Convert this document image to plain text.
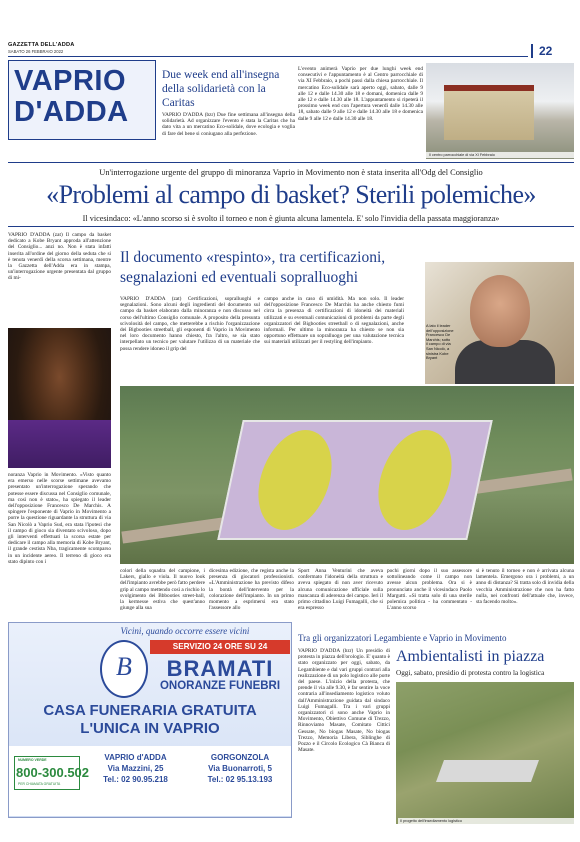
GAZZETTA DELL'ADDA
SABATO 26 FEBBRAIO 2022	22
VAPRIO
D'ADDA
Due week end all'insegna
della solidarietà con la Caritas
VAPRIO D'ADDA (bzr) Due fine settimana all'insegna della solidarietà. Ad organizzare l'evento è stata la Caritas che ha dato vita a un mercatino Eco-solidale, dove ecologia e voglia di fare del bene si coniugano alla perfezione.
L'evento animerà Vaprio per due lunghi week end consecutivi e l'appuntamento è al Centro parrocchiale di via XI Febbraio, a pochi passi dalla chiesa parrocchiale. Il mercatino Eco-solidale sarà aperto oggi, sabato, dalle 9 alle 12 e dalle 14.30 alle 18 e domani, domenica dalle 9 alle 12 e dalle 14.30 alle 18. L'appuntamento si ripeterà il prossimo week end con l'apertura venerdì dalle 14.30 alle 18, sabato dalle 9 alle 12 e dalle 14.30 alle 18 e domenica dalle 9 alle 12 e dalle 14.30 alle 18.
Il centro parrocchiale di via XI Febbraio
Un'interrogazione urgente del gruppo di minoranza Vaprio in Movimento non è stata inserita all'Odg del Consiglio
«Problemi al campo di basket? Sterili polemiche»
Il vicesindaco: «L'anno scorso si è svolto il torneo e non è giunta alcuna lamentela. E' solo l'invidia della passata maggioranza»
VAPRIO D'ADDA (zat) Il campo da basket dedicato a Kobe Bryant approda all'attenzione del Consiglio... anzi no. Non è stata infatti inserita all'ordine del giorno della seduta che si è tenuta venerdì della scorsa settimana, mentre la Gazzetta dell'Adda era in stampa, un'interrogazione urgente presentata dal gruppo di mi-
noranza Vaprio in Movimento. «Visto quanto era emerso nelle scorse settimane avevamo presentato un'interrogazione sperando che potesse essere discussa nel Consiglio comunale, ma così non è stato», ha spiegato il leader dell'opposizione Francesco De Marchis. A spingere l'esponente di Vaprio in Movimento a porre la questione riguardante la struttura di via San Nicolò a Vaprio Sud, era stata l'ipotesi che il campo di gioco sia diventato scivoloso, dopo gli interventi effettuati la scorsa estate per dedicare il campo alla memoria di Kobe Bryant, il grande cestista Nba, tragicamente scomparso in un incidente aereo. Il terreno di gioco era stato dipinto con i
Il documento «respinto», tra certificazioni,
segnalazioni ed eventuali sopralluoghi
VAPRIO D'ADDA (zat) Certificazioni, sopralluoghi e segnalazioni. Sono alcuni degli ingredienti del documento sul campo da basket elaborato dalla minoranza e non discusso nel corso dell'ultimo Consiglio comunale. A proposito della presunta scivolosità del campo, che metterebbe a rischio l'organizzazione dei Bigbooties streetball, gli esponenti di Vaprio in Movimento nel loro documento hanno chiesto, fra l'altro, se sia stato interpellato un tecnico per valutare l'utilizzo di un materiale che possa rendere idoneo il grip del
campo anche in caso di umidità. Ma non solo. Il leader dell'opposizione Francesco De Marchis ha anche chiesto fumi circa la presenza di certificazioni di idoneità dei materiali utilizzati e su eventuali comunicazioni di problemi da parte degli organizzatori del Bigbooties streetball o di segnalazioni, anche informali. Per ultimo la minoranza ha chiesto se non sia opportuno effettuare un sopralluogo per una valutazione tecnica sui materiali utilizzati per il restyling dell'impianto.
A lato il leader dell'opposizione Francesco De Marchis; sotto il campo di via San Nicolò, a sinistra Kobe Bryant
colori della squadra del campione, i Lakers, giallo e viola. Il nuovo look dell'impianto avrebbe però fatto perdere grip al campo mettendo così a rischio lo svolgimento dei Bbbooties street-ball, la kermesse estiva che quest'anno giunge alla sua
dicesima edizione, che regista anche la presenza di giocatori professionisti. «L'Amministrazione ha previsto difeso la bontà dell'intervento per la colorazione dell'impianto. In un primo momento a esprimersi era stato l'assessore allo
Sport Anna Venturini che aveva confermato l'idoneità della struttura e aveva spiegato di non aver ricevuto alcuna comunicazione ufficiale sulla mancanza di aderenza del campo. Ieri il primo cittadino Luigi Fumagalli, che si era espresso
pochi giorni dopo il suo assessore sottolineando come il campo non avesse alcun problema. Ora si è pronunciato anche il vicesindaco Paolo Margutti. «Si tratta solo di una sterile polemica politica - ha commentato - L'anno scorso
si è tenuto il torneo e non è arrivata alcuna lamentela. Emergono ora i problemi, a un anno di distanza? Si tratta solo di invidia della vecchia Amministrazione che non ha fatto nulla, nei confronti dell'attuale che, invece, sta facendo molto».
Vicini, quando occorre essere vicini
B
SERVIZIO 24 ORE SU 24
BRAMATI
ONORANZE FUNEBRI
CASA FUNERARIA GRATUITA
L'UNICA IN VAPRIO
NUMERO VERDE
800-300.502
PER CHIAMATA GRATUITA
VAPRIO d'ADDA
Via Mazzini, 25
Tel.: 02 90.95.218
GORGONZOLA
Via Buonarroti, 5
Tel.: 02 95.13.193
Tra gli organizzatori Legambiente e Vaprio in Movimento
VAPRIO D'ADDA (bzr) Un presidio di protesta in piazza dell'orologio. E' quanto è stato organizzato per oggi, sabato, da Legambiente e dal vari gruppi contrari alla realizzazione di un polo logistico alle porte del paese. L'inizio della protesta, che prende il via alle 9.30, è far sentire la voce contraria all'insediamento logistico voluto dall'Amministrazione guidata dal sindaco Luigi Fumagalli. Tra i vari gruppi organizzatori ci sono anche Vaprio in Movimento, Obiettivo Comune di Trezzo, Rinnoviamo Masate, Comitato Cittici Gessate, No biogas Masate, No biogas Trezzo, Memoria Libera, Siblinghe di Pozzo e il Circolo Ecologico Cà Bianca di Masate.
Ambientalisti in piazza
Oggi, sabato, presidio di protesta contro la logistica
Il progetto dell'insediamento logistico
